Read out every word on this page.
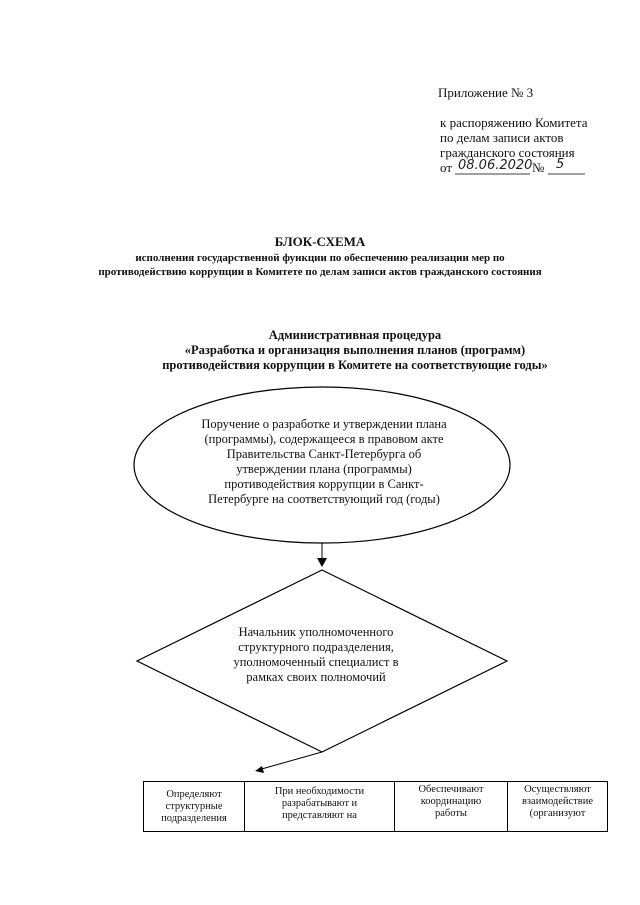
Приложение № 3
к распоряжению Комитета
по делам записи актов
гражданского состояния
от 08.06.2020 № 5
БЛОК-СХЕМА
исполнения государственной функции по обеспечению реализации мер по
противодействию коррупции в Комитете по делам записи актов гражданского состояния
Административная процедура
«Разработка и организация выполнения планов (программ)
противодействия коррупции в Комитете на соответствующие годы»
Поручение о разработке и утверждении плана
(программы), содержащееся в правовом акте
Правительства Санкт-Петербурга об
утверждении плана (программы)
противодействия коррупции в Санкт-
Петербурге на соответствующий год (годы)
Начальник уполномоченного
структурного подразделения,
уполномоченный специалист в
рамках своих полномочий
Определяют
структурные
подразделения

При необходимости
разрабатывают и
представляют на

Обеспечивают
координацию
работы

Осуществляют
взаимодействие
(организуют
